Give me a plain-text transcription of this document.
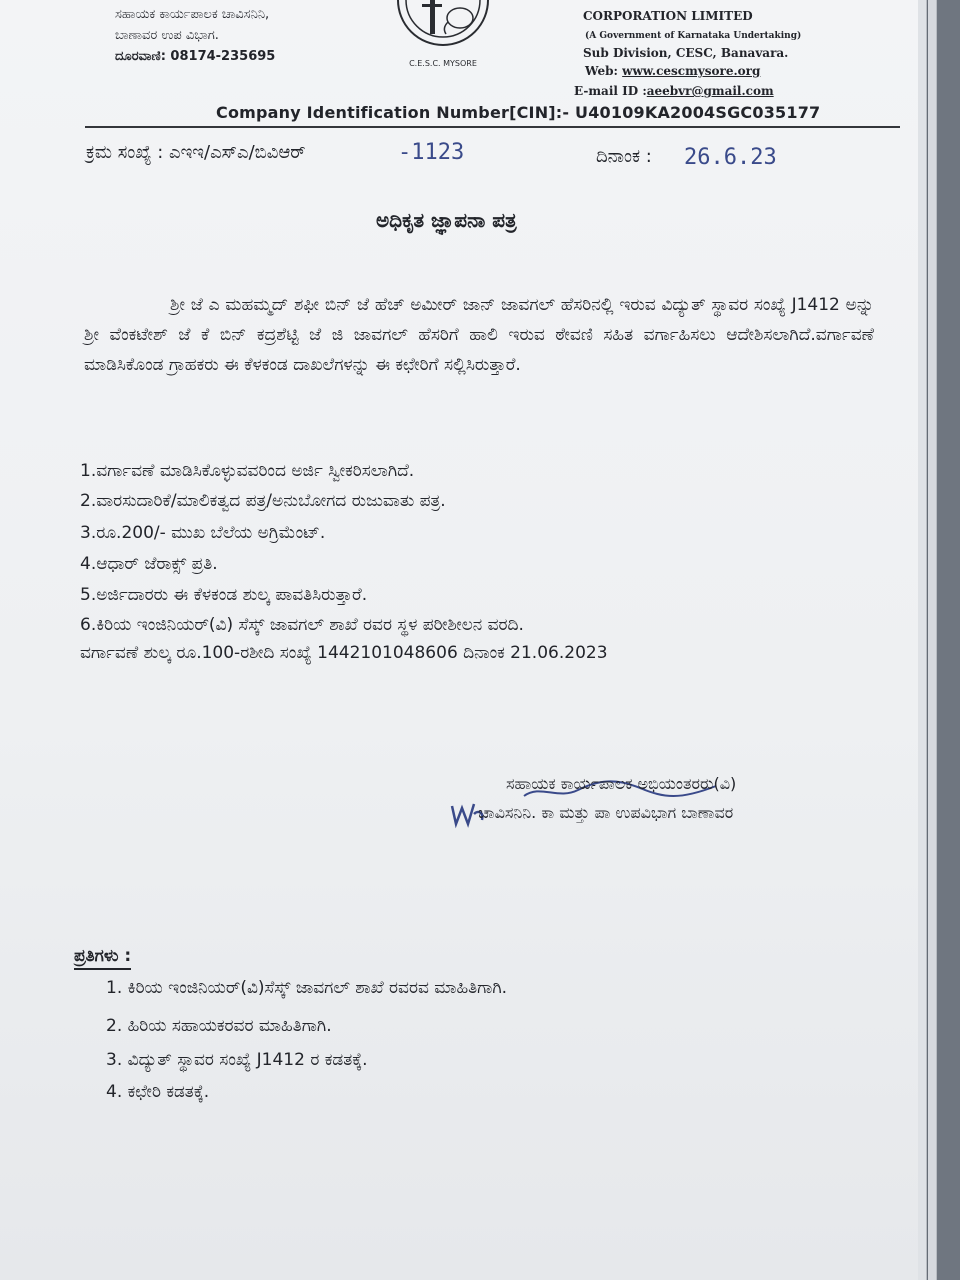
ಸಹಾಯಕ ಕಾರ್ಯಪಾಲಕ ಚಾವಿಸನಿನಿ,
ಬಾಣಾವರ ಉಪ ವಿಭಾಗ.
ದೂರವಾಣಿ: 08174-235695	C.E.S.C. MYSORE
CORPORATION LIMITED
(A Government of Karnataka Undertaking)
Sub Division, CESC, Banavara.
Web: www.cescmysore.org
E-mail ID :aeebvr@gmail.com
Company Identification Number[CIN]:- U40109KA2004SGC035177
ಕ್ರಮ ಸಂಖ್ಯೆ : ಎಇಇ/ಎಸ್ಎ/ಬಿವಿಆರ್	-1123	ದಿನಾಂಕ : 26.6.23
ಅಧಿಕೃತ ಜ್ಞಾಪನಾ ಪತ್ರ
ಶ್ರೀ ಜೆ ಎ ಮಹಮ್ಮದ್ ಶಫೀ ಬಿನ್ ಜೆ ಹೆಚ್ ಅಮೀರ್ ಜಾನ್ ಜಾವಗಲ್ ಹೆಸರಿನಲ್ಲಿ ಇರುವ ವಿದ್ಯುತ್ ಸ್ಥಾವರ ಸಂಖ್ಯೆ J1412 ಅನ್ನು ಶ್ರೀ ವೆಂಕಟೇಶ್ ಜೆ ಕೆ ಬಿನ್ ಕದ್ರಶೆಟ್ಟಿ ಜೆ ಜಿ ಜಾವಗಲ್ ಹೆಸರಿಗೆ ಹಾಲಿ ಇರುವ ಠೇವಣಿ ಸಹಿತ ವರ್ಗಾಹಿಸಲು ಆದೇಶಿಸಲಾಗಿದೆ.ವರ್ಗಾವಣೆ ಮಾಡಿಸಿಕೊಂಡ ಗ್ರಾಹಕರು ಈ ಕೆಳಕಂಡ ದಾಖಲೆಗಳನ್ನು ಈ ಕಛೇರಿಗೆ ಸಲ್ಲಿಸಿರುತ್ತಾರೆ.
1.ವರ್ಗಾವಣೆ ಮಾಡಿಸಿಕೊಳ್ಳುವವರಿಂದ ಅರ್ಜಿ ಸ್ವೀಕರಿಸಲಾಗಿದೆ.
2.ವಾರಸುದಾರಿಕೆ/ಮಾಲಿಕತ್ವದ ಪತ್ರ/ಅನುಬೋಗದ ರುಜುವಾತು ಪತ್ರ.
3.ರೂ.200/- ಮುಖ ಬೆಲೆಯ ಅಗ್ರಿಮೆಂಟ್.
4.ಆಧಾರ್ ಜೆರಾಕ್ಸ್ ಪ್ರತಿ.
5.ಅರ್ಜಿದಾರರು ಈ ಕೆಳಕಂಡ ಶುಲ್ಕ ಪಾವತಿಸಿರುತ್ತಾರೆ.
6.ಕಿರಿಯ ಇಂಜಿನಿಯರ್(ವಿ) ಸೆಸ್ಕ್ ಜಾವಗಲ್ ಶಾಖೆ ರವರ ಸ್ಥಳ ಪರೀಶೀಲನ ವರದಿ.
ವರ್ಗಾವಣೆ ಶುಲ್ಕ ರೂ.100-ರಶೀದಿ ಸಂಖ್ಯೆ 1442101048606 ದಿನಾಂಕ 21.06.2023
ಸಹಾಯಕ ಕಾರ್ಯಪಾಲಕ ಅಭಿಯಂತರರು(ವಿ)
ಚಾವಿಸನಿನಿ. ಕಾ ಮತ್ತು ಪಾ ಉಪವಿಭಾಗ ಬಾಣಾವರ
ಪ್ರತಿಗಳು :
1. ಕಿರಿಯ ಇಂಜಿನಿಯರ್(ವಿ)ಸೆಸ್ಕ್ ಜಾವಗಲ್ ಶಾಖೆ ರವರವ ಮಾಹಿತಿಗಾಗಿ.
2. ಹಿರಿಯ ಸಹಾಯಕರವರ ಮಾಹಿತಿಗಾಗಿ.
3. ವಿದ್ಯುತ್ ಸ್ಥಾವರ ಸಂಖ್ಯೆ J1412 ರ ಕಡತಕ್ಕೆ.
4. ಕಛೇರಿ ಕಡತಕ್ಕೆ.
